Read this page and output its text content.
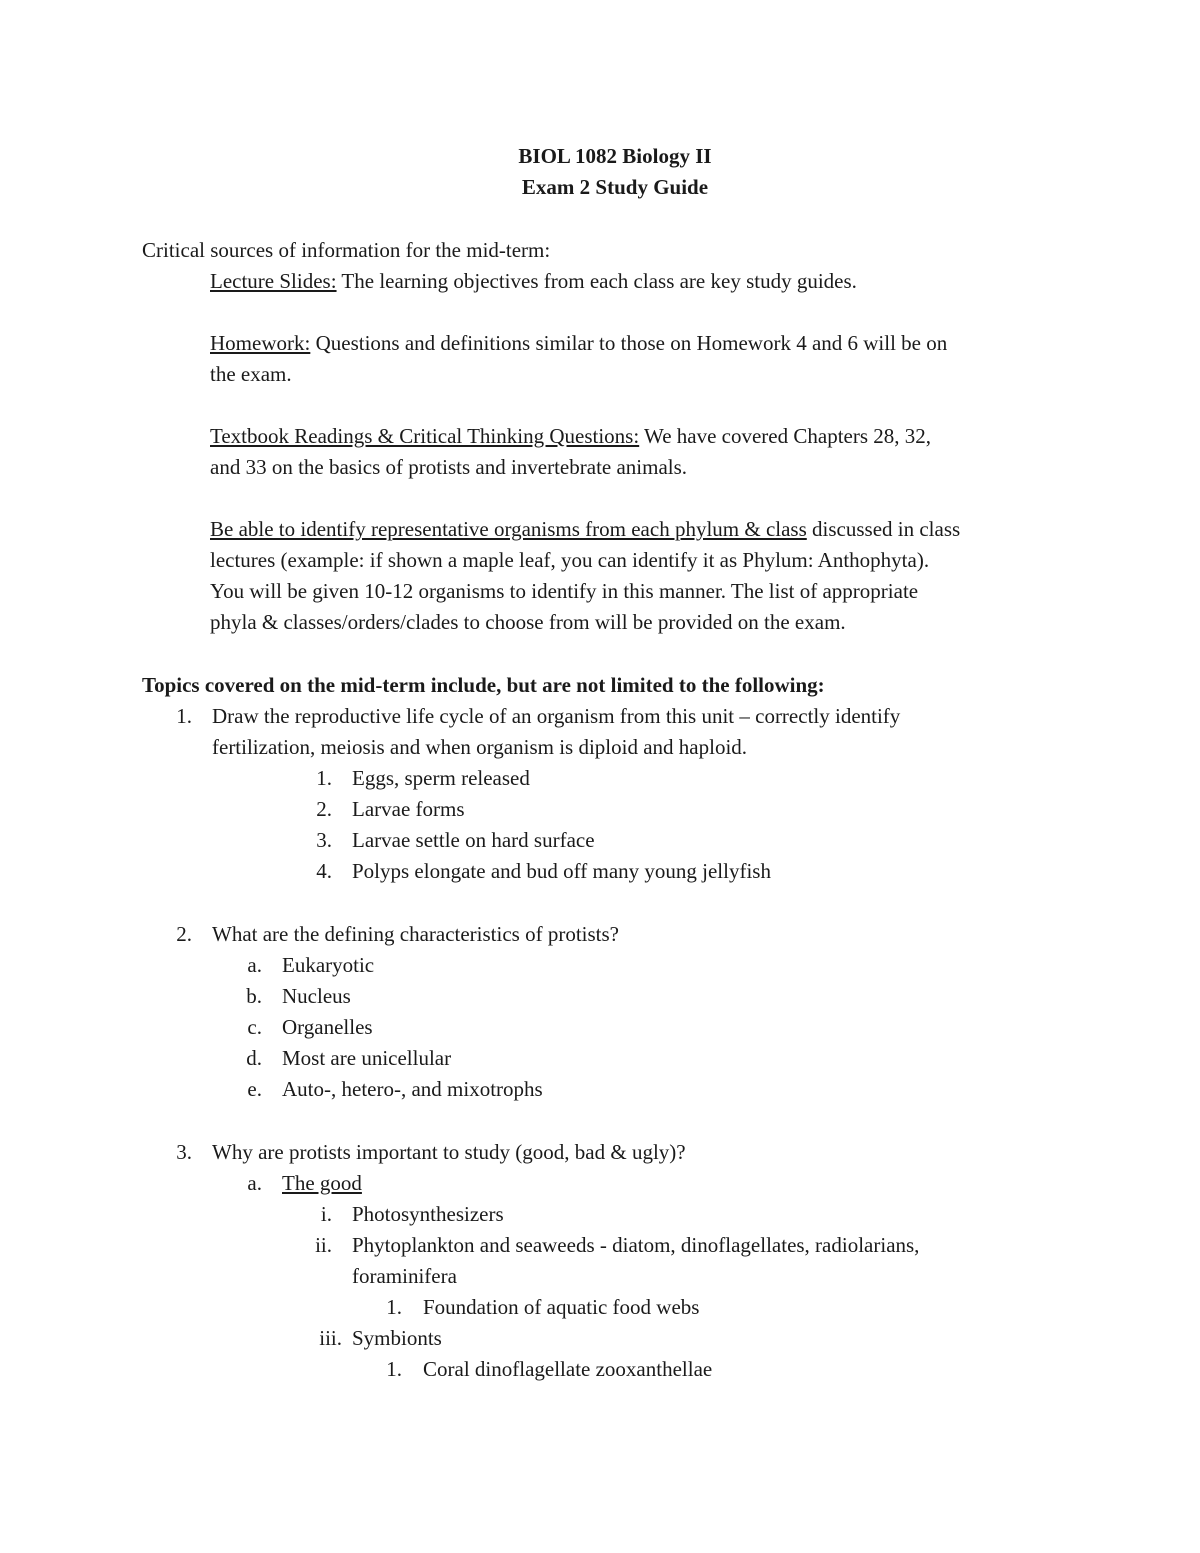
BIOL 1082 Biology II
Exam 2 Study Guide
Critical sources of information for the mid-term:
Lecture Slides: The learning objectives from each class are key study guides.
Homework: Questions and definitions similar to those on Homework 4 and 6 will be on
the exam.
Textbook Readings & Critical Thinking Questions: We have covered Chapters 28, 32,
and 33 on the basics of protists and invertebrate animals.
Be able to identify representative organisms from each phylum & class discussed in class
lectures (example: if shown a maple leaf, you can identify it as Phylum: Anthophyta).
You will be given 10-12 organisms to identify in this manner. The list of appropriate
phyla & classes/orders/clades to choose from will be provided on the exam.
Topics covered on the mid-term include, but are not limited to the following:
1. Draw the reproductive life cycle of an organism from this unit – correctly identify
fertilization, meiosis and when organism is diploid and haploid.
1. Eggs, sperm released
2. Larvae forms
3. Larvae settle on hard surface
4. Polyps elongate and bud off many young jellyfish
2. What are the defining characteristics of protists?
a. Eukaryotic
b. Nucleus
c. Organelles
d. Most are unicellular
e. Auto-, hetero-, and mixotrophs
3. Why are protists important to study (good, bad & ugly)?
a. The good
i. Photosynthesizers
ii. Phytoplankton and seaweeds - diatom, dinoflagellates, radiolarians,
foraminifera
1. Foundation of aquatic food webs
iii. Symbionts
1. Coral dinoflagellate zooxanthellae
